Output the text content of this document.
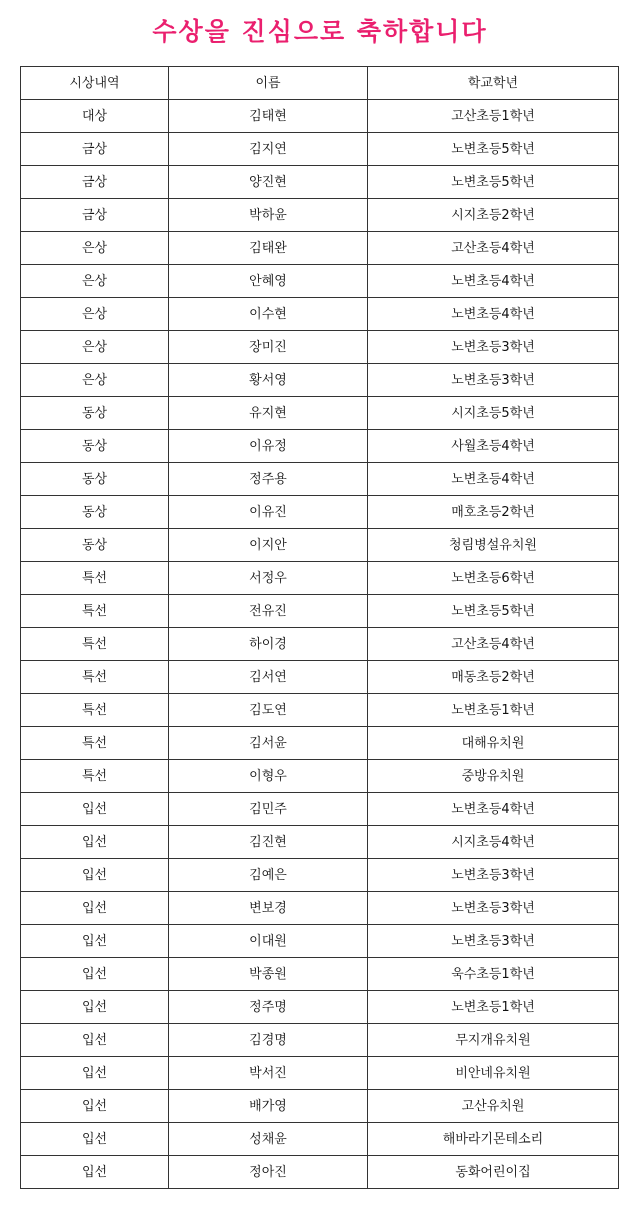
수상을 진심으로 축하합니다
시상내역	이름	학교학년
대상	김태현	고산초등1학년
금상	김지연	노변초등5학년
금상	양진현	노변초등5학년
금상	박하윤	시지초등2학년
은상	김태완	고산초등4학년
은상	안혜영	노변초등4학년
은상	이수현	노변초등4학년
은상	장미진	노변초등3학년
은상	황서영	노변초등3학년
동상	유지현	시지초등5학년
동상	이유정	사월초등4학년
동상	정주용	노변초등4학년
동상	이유진	매호초등2학년
동상	이지안	청림병설유치원
특선	서정우	노변초등6학년
특선	전유진	노변초등5학년
특선	하이경	고산초등4학년
특선	김서연	매동초등2학년
특선	김도연	노변초등1학년
특선	김서윤	대해유치원
특선	이형우	중방유치원
입선	김민주	노변초등4학년
입선	김진현	시지초등4학년
입선	김예은	노변초등3학년
입선	변보경	노변초등3학년
입선	이대원	노변초등3학년
입선	박종원	욱수초등1학년
입선	정주명	노변초등1학년
입선	김경명	무지개유치원
입선	박서진	비안네유치원
입선	배가영	고산유치원
입선	성채윤	해바라기몬테소리
입선	정아진	동화어린이집
